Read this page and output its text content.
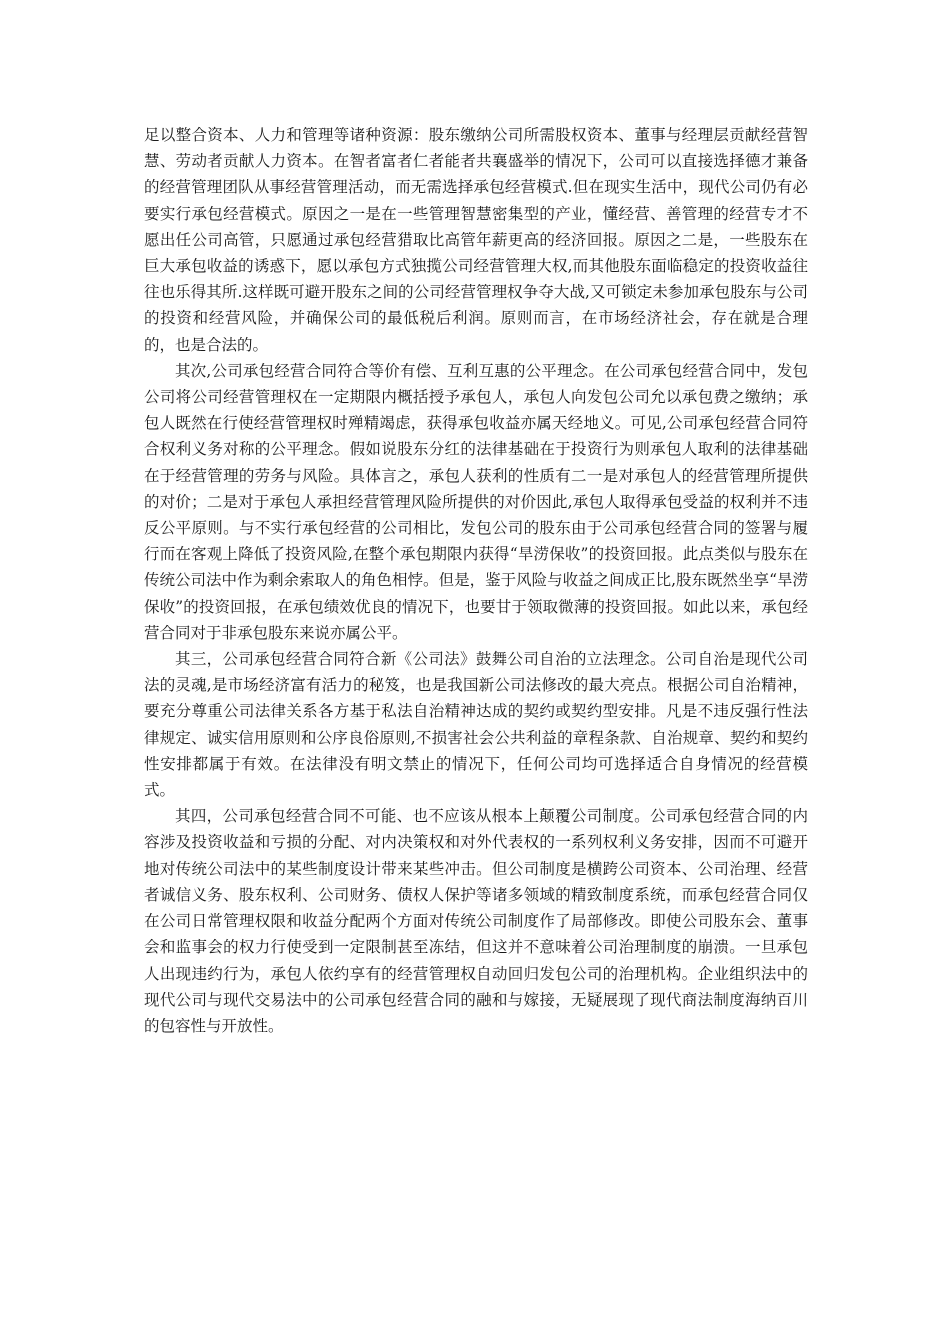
足以整合资本、人力和管理等诸种资源：股东缴纳公司所需股权资本、董事与经理层贡献经营智慧、劳动者贡献人力资本。在智者富者仁者能者共襄盛举的情况下，公司可以直接选择德才兼备的经营管理团队从事经营管理活动，而无需选择承包经营模式.但在现实生活中，现代公司仍有必要实行承包经营模式。原因之一是在一些管理智慧密集型的产业，懂经营、善管理的经营专才不愿出任公司高管，只愿通过承包经营猎取比高管年薪更高的经济回报。原因之二是，一些股东在巨大承包收益的诱惑下，愿以承包方式独揽公司经营管理大权,而其他股东面临稳定的投资收益往往也乐得其所.这样既可避开股东之间的公司经营管理权争夺大战,又可锁定未参加承包股东与公司的投资和经营风险，并确保公司的最低税后利润。原则而言，在市场经济社会，存在就是合理的，也是合法的。

其次,公司承包经营合同符合等价有偿、互利互惠的公平理念。在公司承包经营合同中，发包公司将公司经营管理权在一定期限内概括授予承包人，承包人向发包公司允以承包费之缴纳；承包人既然在行使经营管理权时殚精竭虑，获得承包收益亦属天经地义。可见,公司承包经营合同符合权利义务对称的公平理念。假如说股东分红的法律基础在于投资行为则承包人取利的法律基础在于经营管理的劳务与风险。具体言之，承包人获利的性质有二一是对承包人的经营管理所提供的对价；二是对于承包人承担经营管理风险所提供的对价因此,承包人取得承包受益的权利并不违反公平原则。与不实行承包经营的公司相比，发包公司的股东由于公司承包经营合同的签署与履行而在客观上降低了投资风险,在整个承包期限内获得“旱涝保收”的投资回报。此点类似与股东在传统公司法中作为剩余索取人的角色相悖。但是，鉴于风险与收益之间成正比,股东既然坐享“旱涝保收”的投资回报，在承包绩效优良的情况下，也要甘于领取微薄的投资回报。如此以来，承包经营合同对于非承包股东来说亦属公平。

其三，公司承包经营合同符合新《公司法》鼓舞公司自治的立法理念。公司自治是现代公司法的灵魂,是市场经济富有活力的秘笈，也是我国新公司法修改的最大亮点。根据公司自治精神，要充分尊重公司法律关系各方基于私法自治精神达成的契约或契约型安排。凡是不违反强行性法律规定、诚实信用原则和公序良俗原则,不损害社会公共利益的章程条款、自治规章、契约和契约性安排都属于有效。在法律没有明文禁止的情况下，任何公司均可选择适合自身情况的经营模式。

其四，公司承包经营合同不可能、也不应该从根本上颠覆公司制度。公司承包经营合同的内容涉及投资收益和亏损的分配、对内决策权和对外代表权的一系列权利义务安排，因而不可避开地对传统公司法中的某些制度设计带来某些冲击。但公司制度是横跨公司资本、公司治理、经营者诚信义务、股东权利、公司财务、债权人保护等诸多领域的精致制度系统，而承包经营合同仅在公司日常管理权限和收益分配两个方面对传统公司制度作了局部修改。即使公司股东会、董事会和监事会的权力行使受到一定限制甚至冻结，但这并不意味着公司治理制度的崩溃。一旦承包人出现违约行为，承包人依约享有的经营管理权自动回归发包公司的治理机构。企业组织法中的现代公司与现代交易法中的公司承包经营合同的融和与嫁接，无疑展现了现代商法制度海纳百川的包容性与开放性。
